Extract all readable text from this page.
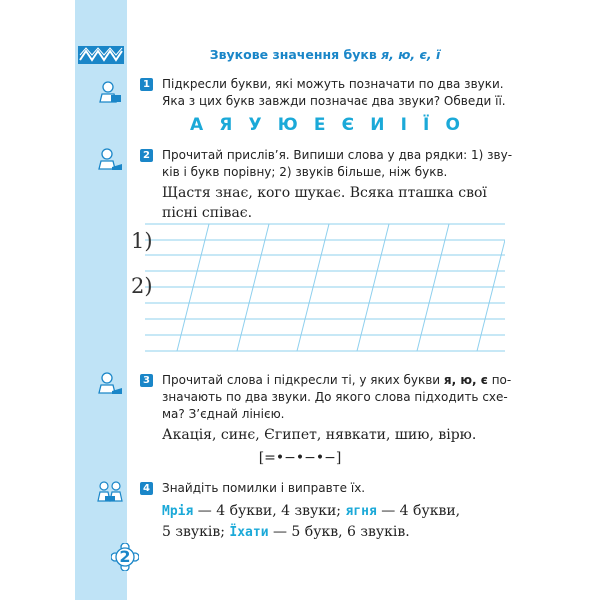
Звукове значення букв я, ю, є, ї
1 Підкресли букви, які можуть позначати по два звуки.
Яка з цих букв завжди позначає два звуки? Обведи її.
А Я У Ю Е Є И І Ї О
2 Прочитай прислів’я. Випиши слова у два рядки: 1) зву-
ків і букв порівну; 2) звуків більше, ніж букв.
Щастя знає, кого шукає. Всяка пташка свої
пісні співає.
1)
2)
3 Прочитай слова і підкресли ті, у яких букви я, ю, є по-
значають по два звуки. До якого слова підходить схе-
ма? З’єднай лінією.
Акація, синє, Єгипет, нявкати, шию, вірю.
[=•−•−•−]
4 Знайдіть помилки і виправте їх.
Мрія — 4 букви, 4 звуки; ягня — 4 букви,
5 звуків; Їхати — 5 букв, 6 звуків.
2
